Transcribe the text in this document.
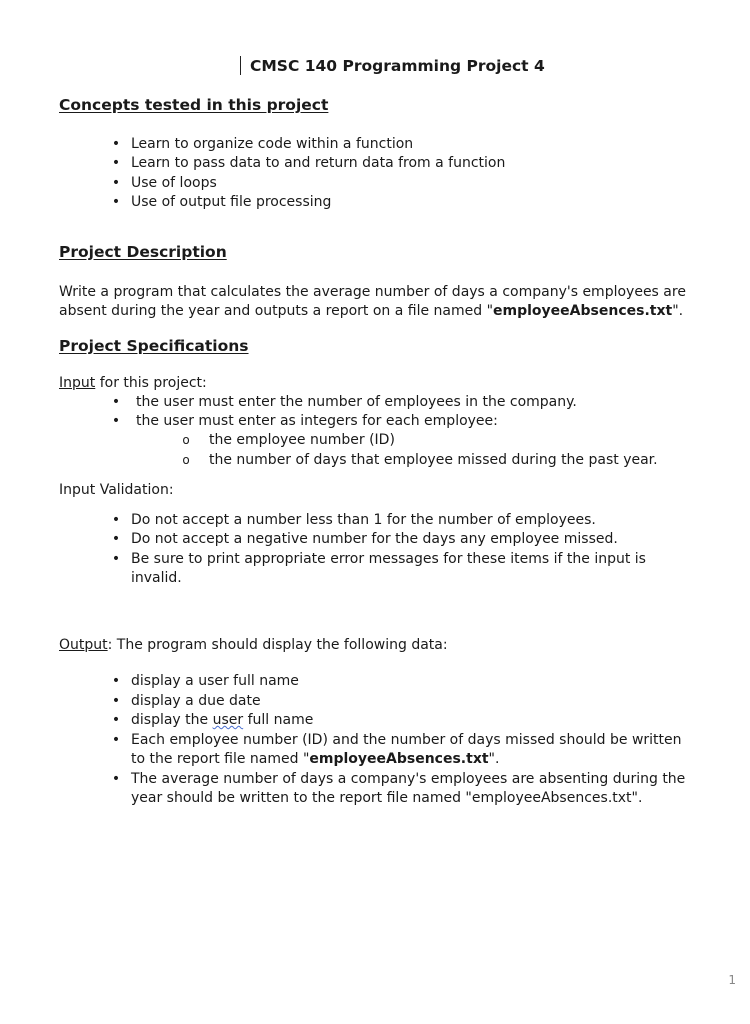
CMSC 140 Programming Project 4
Concepts tested in this project
• Learn to organize code within a function
• Learn to pass data to and return data from a function
• Use of loops
• Use of output file processing
Project Description
Write a program that calculates the average number of days a company's employees are
absent during the year and outputs a report on a file named "employeeAbsences.txt".
Project Specifications
Input for this project:
• the user must enter the number of employees in the company.
• the user must enter as integers for each employee:
o the employee number (ID)
o the number of days that employee missed during the past year.
Input Validation:
• Do not accept a number less than 1 for the number of employees.
• Do not accept a negative number for the days any employee missed.
• Be sure to print appropriate error messages for these items if the input is
invalid.
Output: The program should display the following data:
• display a user full name
• display a due date
• display the user full name
• Each employee number (ID) and the number of days missed should be written
to the report file named "employeeAbsences.txt".
• The average number of days a company's employees are absenting during the
year should be written to the report file named "employeeAbsences.txt".
1
